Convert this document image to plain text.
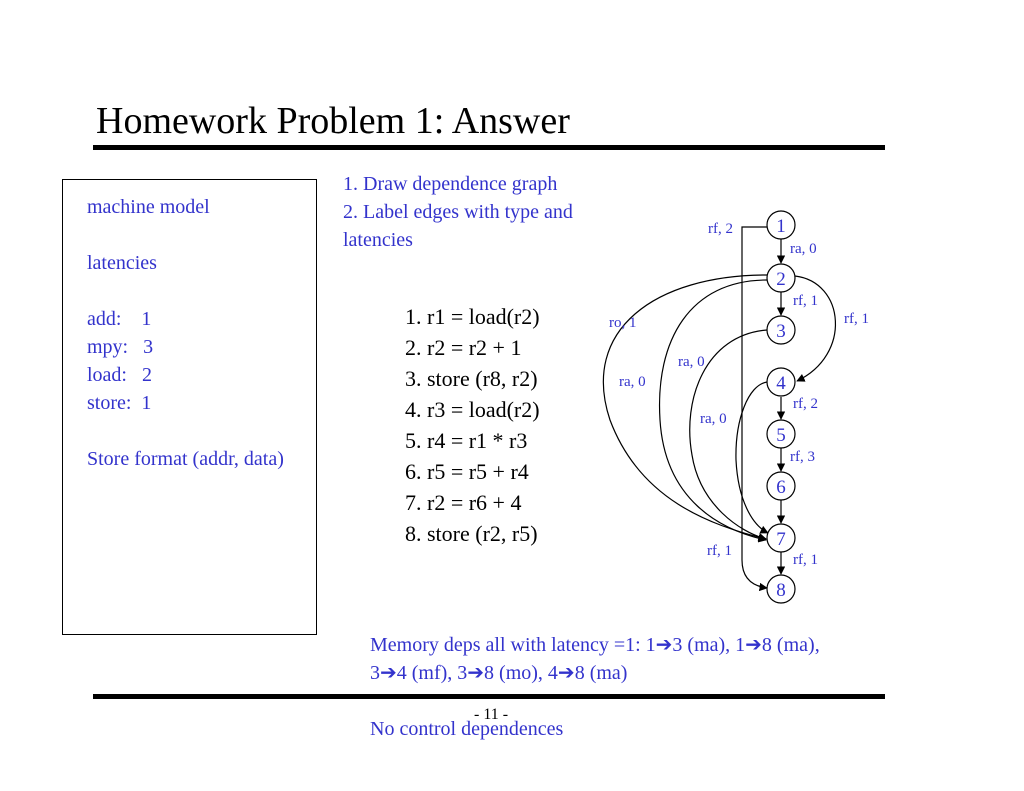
Homework Problem 1: Answer
machine model
latencies
add:    1
mpy:   3
load:   2
store:  1
Store format (addr, data)
1. Draw dependence graph
2. Label edges with type and
latencies
1. r1 = load(r2)
2. r2 = r2 + 1
3. store (r8, r2)
4. r3 = load(r2)
5. r4 = r1 * r3
6. r5 = r5 + r4
7. r2 = r6 + 4
8. store (r2, r5)
1
2
3
4
5
6
7
8
rf, 2
ra, 0
rf, 1
rf, 1
ro, 1
ra, 0
ra, 0
ra, 0
rf, 2
rf, 3
rf, 1
rf, 1
Memory deps all with latency =1: 1➔3 (ma), 1➔8 (ma),
3➔4 (mf), 3➔8 (mo), 4➔8 (ma)
- 11 -
No control dependences
